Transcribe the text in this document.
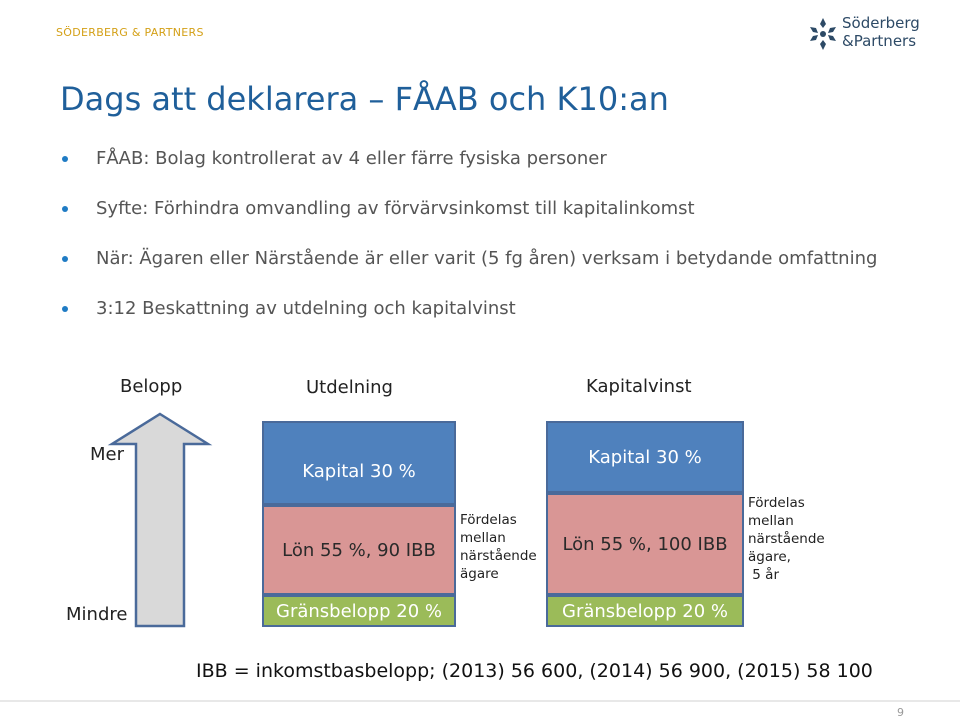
SÖDERBERG & PARTNERS
Söderberg
&Partners
Dags att deklarera – FÅAB och K10:an
FÅAB: Bolag kontrollerat av 4 eller färre fysiska personer
Syfte: Förhindra omvandling av förvärvsinkomst till kapitalinkomst
När: Ägaren eller Närstående är eller varit (5 fg åren) verksam i betydande omfattning
3:12 Beskattning av utdelning och kapitalvinst
Belopp	Utdelning	Kapitalvinst
Mer
Mindre
Kapital 30 %
Lön 55 %, 90 IBB
Gränsbelopp 20 %
Fördelas
mellan
närstående
ägare
Kapital 30 %
Lön 55 %, 100 IBB
Gränsbelopp 20 %
Fördelas
mellan
närstående
ägare,
5 år
IBB = inkomstbasbelopp; (2013) 56 600, (2014) 56 900, (2015) 58 100
9
